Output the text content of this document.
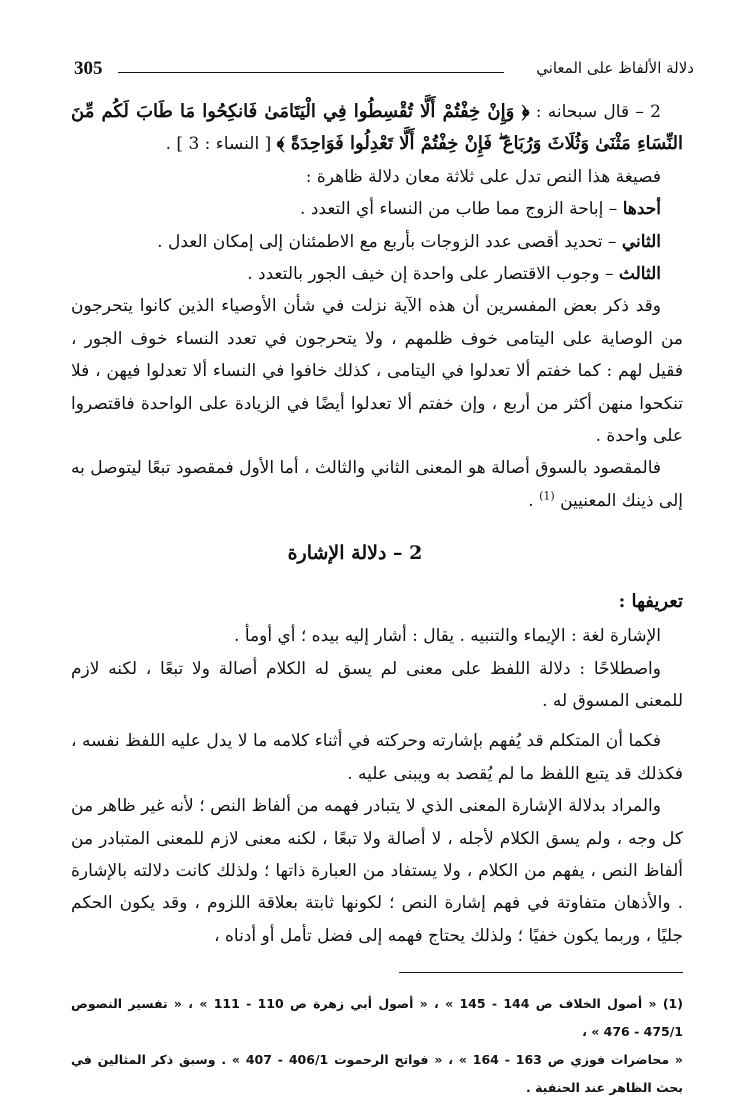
305	دلالة الألفاظ على المعاني

2 – قال سبحانه : ﴿ وَإِنْ خِفْتُمْ أَلَّا تُقْسِطُوا فِي الْيَتَامَىٰ فَانكِحُوا مَا طَابَ لَكُم مِّنَ النِّسَاءِ مَثْنَىٰ وَثُلَاثَ وَرُبَاعَ ۖ فَإِنْ خِفْتُمْ أَلَّا تَعْدِلُوا فَوَاحِدَةً ﴾ [ النساء : 3 ] .

فصيغة هذا النص تدل على ثلاثة معان دلالة ظاهرة :

أحدها – إباحة الزوج مما طاب من النساء أي التعدد .

الثاني – تحديد أقصى عدد الزوجات بأربع مع الاطمئنان إلى إمكان العدل .

الثالث – وجوب الاقتصار على واحدة إن خيف الجور بالتعدد .

وقد ذكر بعض المفسرين أن هذه الآية نزلت في شأن الأوصياء الذين كانوا يتحرجون من الوصاية على اليتامى خوف ظلمهم ، ولا يتحرجون في تعدد النساء خوف الجور ، فقيل لهم : كما خفتم ألا تعدلوا في اليتامى ، كذلك خافوا في النساء ألا تعدلوا فيهن ، فلا تنكحوا منهن أكثر من أربع ، وإن خفتم ألا تعدلوا أيضًا في الزيادة على الواحدة فاقتصروا على واحدة .

فالمقصود بالسوق أصالة هو المعنى الثاني والثالث ، أما الأول فمقصود تبعًا ليتوصل به إلى ذينك المعنيين $^{(1)}$ .

2 – دلالة الإشارة
تعريفها :

الإشارة لغة : الإيماء والتنبيه . يقال : أشار إليه بيده ؛ أي أومأ .

واصطلاحًا : دلالة اللفظ على معنى لم يسق له الكلام أصالة ولا تبعًا ، لكنه لازم للمعنى المسوق له .

فكما أن المتكلم قد يُفهم بإشارته وحركته في أثناء كلامه ما لا يدل عليه اللفظ نفسه ، فكذلك قد يتبع اللفظ ما لم يُقصد به ويبنى عليه .

والمراد بدلالة الإشارة المعنى الذي لا يتبادر فهمه من ألفاظ النص ؛ لأنه غير ظاهر من كل وجه ، ولم يسق الكلام لأجله ، لا أصالة ولا تبعًا ، لكنه معنى لازم للمعنى المتبادر من ألفاظ النص ، يفهم من الكلام ، ولا يستفاد من العبارة ذاتها ؛ ولذلك كانت دلالته بالإشارة . والأذهان متفاوتة في فهم إشارة النص ؛ لكونها ثابتة بعلاقة اللزوم ، وقد يكون الحكم جليًا ، وربما يكون خفيًا ؛ ولذلك يحتاج فهمه إلى فضل تأمل أو أدناه ،

(1) « أصول الخلاف ص 144 - 145 » ، « أصول أبي زهرة ص 110 - 111 » ، « تفسير النصوص 475/1 - 476 » ،

« محاضرات فوزي ص 163 - 164 » ، « فواتح الرحموت 406/1 - 407 » . وسبق ذكر المثالين في بحث الظاهر عند الحنفية .
